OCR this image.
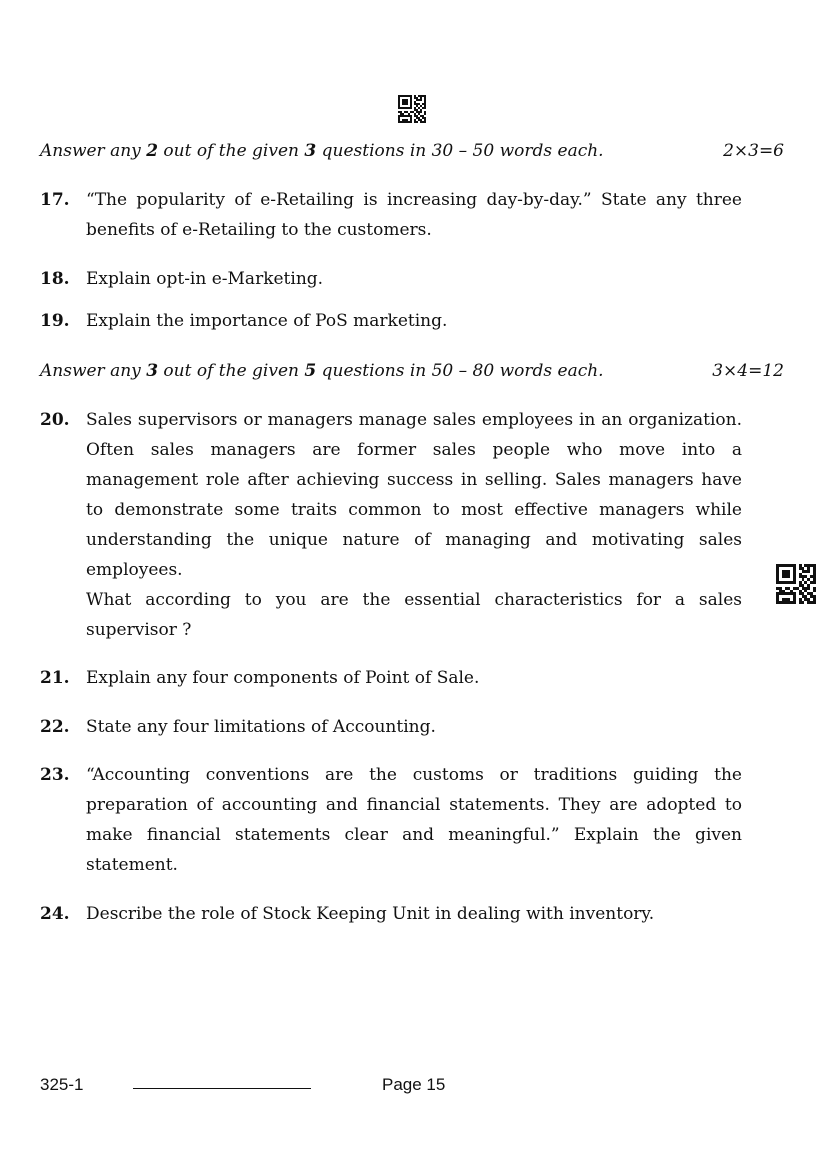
Answer any 2 out of the given 3 questions in 30 – 50 words each.	2×3=6
17. “The popularity of e-Retailing is increasing day-by-day.” State any three benefits of e-Retailing to the customers.

18. Explain opt-in e-Marketing.

19. Explain the importance of PoS marketing.

Answer any 3 out of the given 5 questions in 50 – 80 words each.	3×4=12
20. Sales supervisors or managers manage sales employees in an organization. Often sales managers are former sales people who move into a management role after achieving success in selling. Sales managers have to demonstrate some traits common to most effective managers while understanding the unique nature of managing and motivating sales employees.

What according to you are the essential characteristics for a sales supervisor ?

21. Explain any four components of Point of Sale.

22. State any four limitations of Accounting.

23. “Accounting conventions are the customs or traditions guiding the preparation of accounting and financial statements. They are adopted to make financial statements clear and meaningful.” Explain the given statement.

24. Describe the role of Stock Keeping Unit in dealing with inventory.

325-1	Page 15
